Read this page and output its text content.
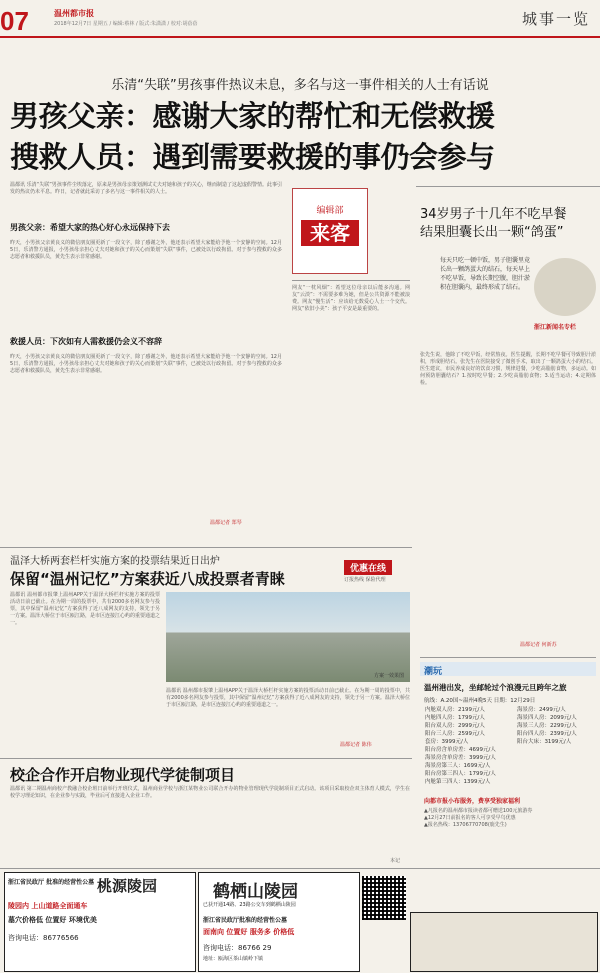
07	温州都市报
2018年12月7日 星期五 / 编辑:蔡林 / 版式:朱潇潇 / 校对:胡蓓蓓	城事一览
乐清“失联”男孩事件热议未息，多名与这一事件相关的人士有话说
男孩父亲：感谢大家的帮忙和无偿救援
搜救人员：遇到需要救援的事仍会参与
温都讯 乐清“失联”男孩事件尘埃落定，原来是男孩母亲策划测试丈夫对她和孩子的关心，继而制造了这起虚假警情。此事引发的热议仍未平息。昨日，记者就此采访了多名与这一事件相关的人士。
男孩父亲：希望大家的热心好心永远保持下去
昨天，小男孩父亲黄良义的微信朋友圈更新了一段文字，除了感谢之外，他还表示希望大家能给予他一个安静的空间。12月5日，乐清警方通报，小男孩母亲担心丈夫对她和孩子的关心而策划“失联”事件，已被处以行政拘留。对于参与搜救的众多志愿者和救援队员，黄先生表示非常感谢。
救援人员：下次如有人需救援仍会义不容辞
昨天，小男孩父亲黄良义的微信朋友圈更新了一段文字，除了感谢之外，他还表示希望大家能给予他一个安静的空间。12月5日，乐清警方通报，小男孩母亲担心丈夫对她和孩子的关心而策划“失联”事件，已被处以行政拘留。对于参与搜救的众多志愿者和救援队员，黄先生表示非常感谢。
温都记者 郑琴
编辑部
来客
网友“一枕风烟”：希望这位母亲以后能多沟通。网友“云淡”：不需要多难为她，但是公共资源不能被浪费。网友“慢生活”：应该给无数爱心人士一个交代。网友“依旧小美”：孩子平安是最重要的。
34岁男子十几年不吃早餐
结果胆囊长出一颗“鸽蛋”
每天只吃一顿中饭，男子胆囊里竟长出一颗鸽蛋大的结石，每天早上不吃早饭，导致长期空腹，胆汁淤积在胆囊内，最终形成了结石。
浙江新闻名专栏
张先生说，他除了不吃早饭，经常熬夜。医生提醒，长期不吃早餐可导致胆汁淤积，形成胆结石。张先生在医院接受了微创手术，取出了一颗鸽蛋大小的结石。医生建议，市民养成良好的饮食习惯，规律进餐，少吃高脂肪食物，多运动。如何预防胆囊结石？1.按时吃早餐；2.少吃高脂肪食物；3.适当运动；4.定期体检。
温都记者 何新苏
温泽大桥两套栏杆实施方案的投票结果近日出炉
保留“温州记忆”方案获近八成投票者青睐
优惠在线
订报热线 保险代理
温都讯 温州都市报肇上温州APP关于温泽大桥栏杆实施方案的投票活动日前已截止。在为期一周的投票中，共有2000多名网友参与投票，其中保留“温州记忆”方案获得了近八成网友的支持，领先于另一方案。温泽大桥位于市区瓯江路，是市区连接江心屿的重要通道之一。
方案一效果图
温都讯 温州都市报肇上温州APP关于温泽大桥栏杆实施方案的投票活动日前已截止。在为期一周的投票中，共有2000多名网友参与投票，其中保留“温州记忆”方案获得了近八成网友的支持，领先于另一方案。温泽大桥位于市区瓯江路，是市区连接江心屿的重要通道之一。
温都记者 陈伟
校企合作开启物业现代学徒制项目
温都讯 第二期温州商校产教融合校企班日前举行开班仪式，温州商业学校与浙江某物业公司联合开办的物业管理现代学徒制项目正式启动。该项目采取校企双主体育人模式，学生在校学习理论知识，在企业参与实践，毕业后可直接进入企业工作。
本记
潮玩
温州港出发，坐邮轮过个浪漫元旦跨年之旅
航线：A.20国~温州4晚5天 日期：12月29日
内舱双人房：2199元/人	海景房：2499元/人
内舱四人房：1799元/人	海景四人房：2099元/人
阳台双人房：2999元/人	海景三人房：2299元/人
阳台三人房：2599元/人	阳台四人房：2399元/人
套房：3999元/人	阳台大床：3199元/人
阳台房含单房差：4699元/人	
海景房含单房差：3999元/人	
海景房第三人：1699元/人	
阳台房第三四人：1799元/人	
内舱第三四人：1399元/人	
向都市报小布服务，费享受独家福利
▲凡报名的温州都市报读者都可赠送100元旅游券
▲12月27日前报名的客人可享受早鸟优惠
▲报名热线：13706770708(鹿先生)
浙江省民政厅 批准的经营性公墓 桃源陵园
陵园内 上山道路全面通车
墓穴价格低 位置好 环境优美
咨询电话：86776566
鹤栖山陵园
已获开通14路、23路公交车到鹤栖山陵园
浙江省民政厅批准的经营性公墓
面南向 位置好 服务多 价格低
咨询电话：86766 29
地址：瓯海区茶山镇岭下镇
